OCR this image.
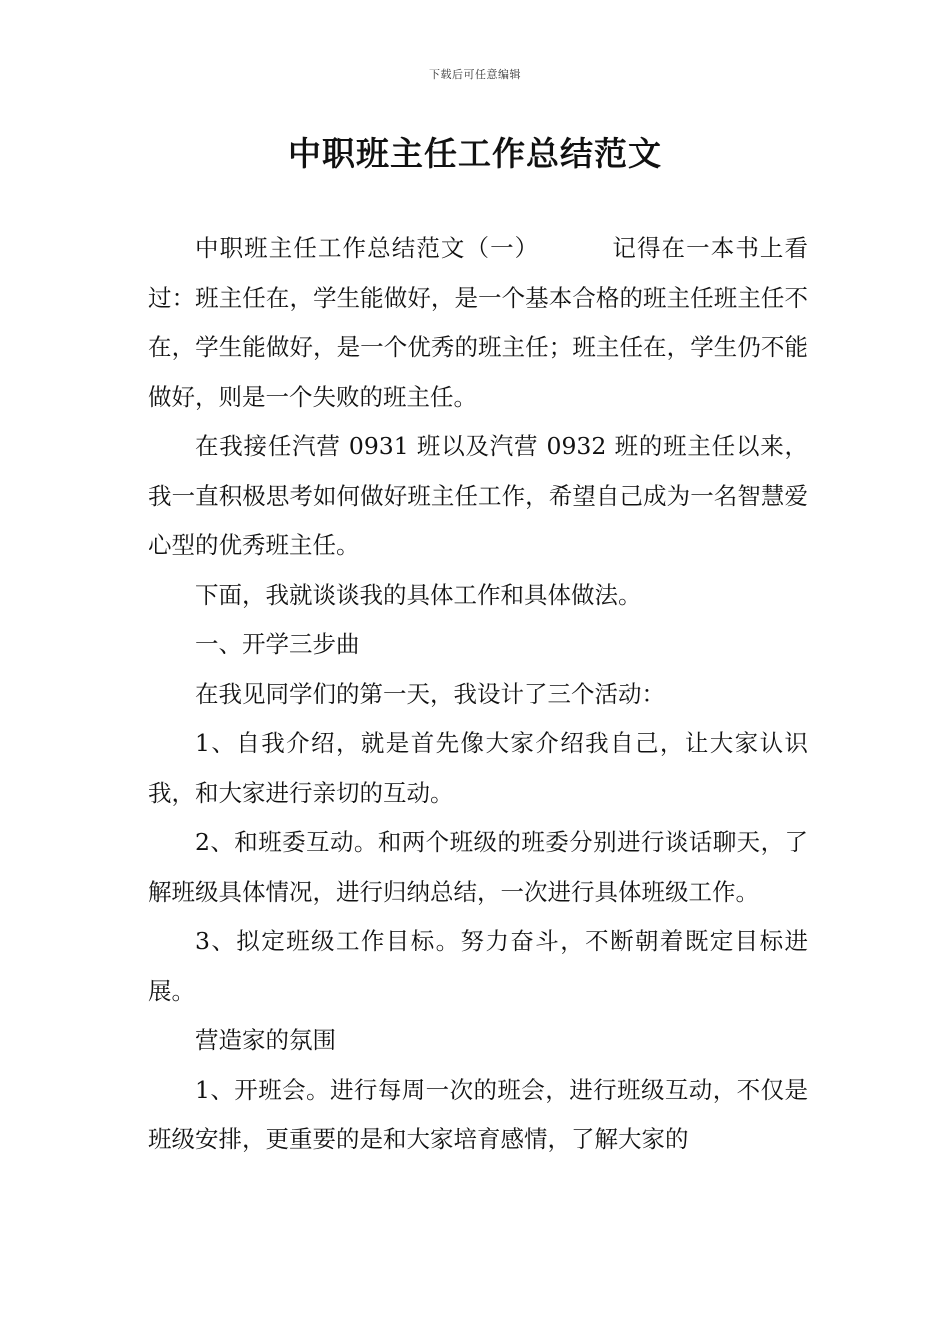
下载后可任意编辑
中职班主任工作总结范文

中职班主任工作总结范文（一）	记得在一本书上看过：班主任在，学生能做好，是一个基本合格的班主任班主任不在，学生能做好，是一个优秀的班主任；班主任在，学生仍不能做好，则是一个失败的班主任。

在我接任汽营 0931 班以及汽营 0932 班的班主任以来，我一直积极思考如何做好班主任工作，希望自己成为一名智慧爱心型的优秀班主任。

下面，我就谈谈我的具体工作和具体做法。

一、开学三步曲

在我见同学们的第一天，我设计了三个活动：

1、自我介绍，就是首先像大家介绍我自己，让大家认识我，和大家进行亲切的互动。

2、和班委互动。和两个班级的班委分别进行谈话聊天，了解班级具体情况，进行归纳总结，一次进行具体班级工作。

3、拟定班级工作目标。努力奋斗，不断朝着既定目标进展。

营造家的氛围

1、开班会。进行每周一次的班会，进行班级互动，不仅是班级安排，更重要的是和大家培育感情，了解大家的
